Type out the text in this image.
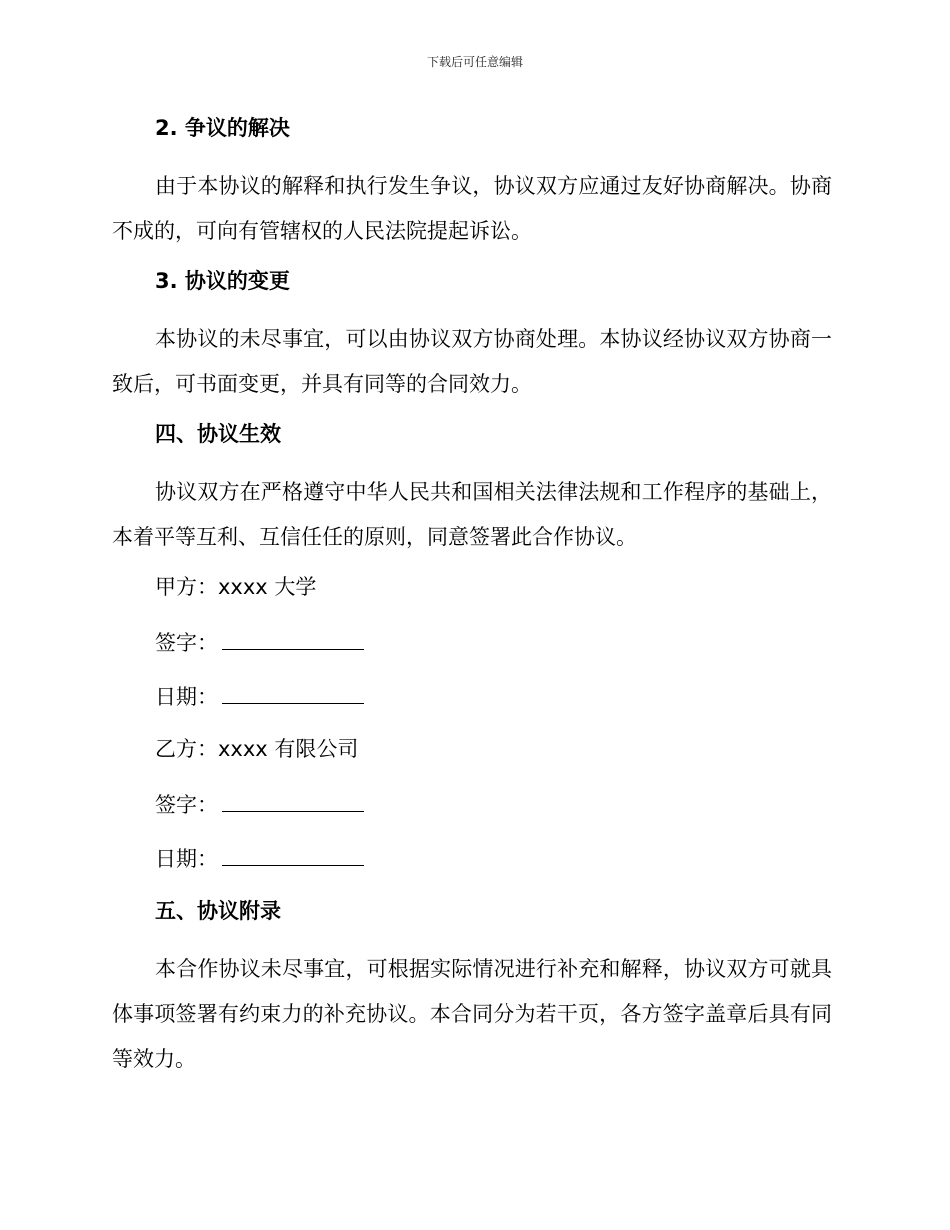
下载后可任意编辑
2. 争议的解决

由于本协议的解释和执行发生争议，协议双方应通过友好协商解决。协商不成的，可向有管辖权的人民法院提起诉讼。

3. 协议的变更

本协议的未尽事宜，可以由协议双方协商处理。本协议经协议双方协商一致后，可书面变更，并具有同等的合同效力。

四、协议生效

协议双方在严格遵守中华人民共和国相关法律法规和工作程序的基础上，本着平等互利、互信任任的原则，同意签署此合作协议。

甲方：xxxx 大学
签字：
日期：
乙方：xxxx 有限公司
签字：
日期：
五、协议附录

本合作协议未尽事宜，可根据实际情况进行补充和解释，协议双方可就具体事项签署有约束力的补充协议。本合同分为若干页，各方签字盖章后具有同等效力。
